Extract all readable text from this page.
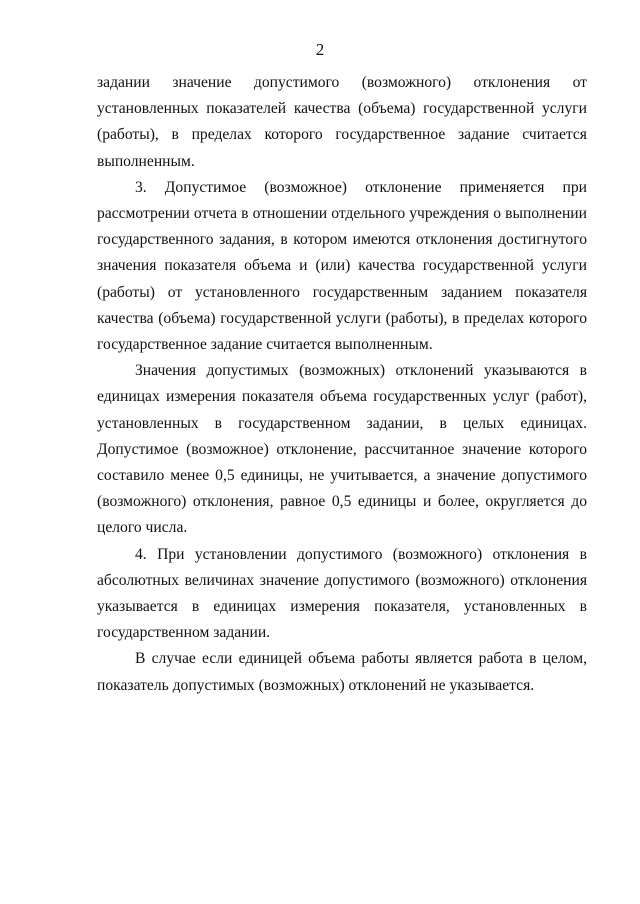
2

задании значение допустимого (возможного) отклонения от установленных показателей качества (объема) государственной услуги (работы), в пределах которого государственное задание считается выполненным.

3. Допустимое (возможное) отклонение применяется при рассмотрении отчета в отношении отдельного учреждения о выполнении государственного задания, в котором имеются отклонения достигнутого значения показателя объема и (или) качества государственной услуги (работы) от установленного государственным заданием показателя качества (объема) государственной услуги (работы), в пределах которого государственное задание считается выполненным.

Значения допустимых (возможных) отклонений указываются в единицах измерения показателя объема государственных услуг (работ), установленных в государственном задании, в целых единицах. Допустимое (возможное) отклонение, рассчитанное значение которого составило менее 0,5 единицы, не учитывается, а значение допустимого (возможного) отклонения, равное 0,5 единицы и более, округляется до целого числа.

4. При установлении допустимого (возможного) отклонения в абсолютных величинах значение допустимого (возможного) отклонения указывается в единицах измерения показателя, установленных в государственном задании.

В случае если единицей объема работы является работа в целом, показатель допустимых (возможных) отклонений не указывается.
